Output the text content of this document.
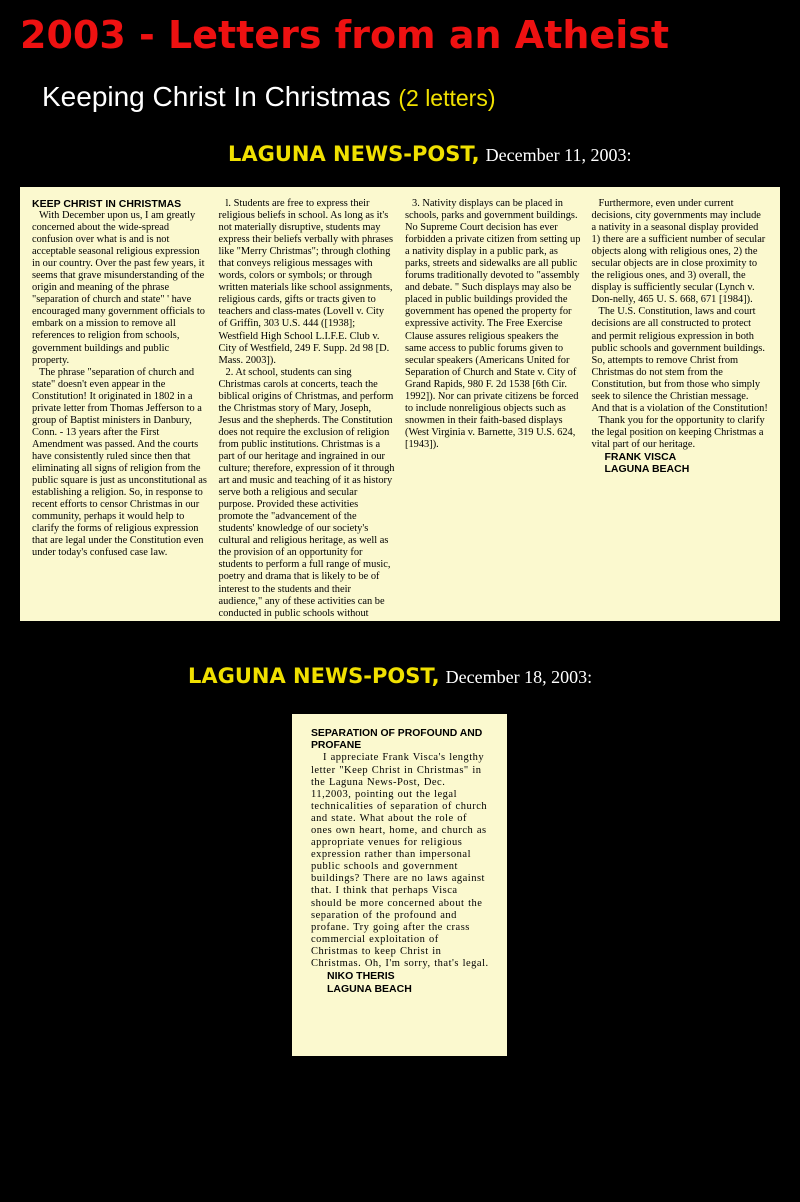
2003 - Letters from an Atheist
Keeping Christ In Christmas (2 letters)
LAGUNA NEWS-POST, December 11, 2003:
KEEP CHRIST IN CHRISTMAS

With December upon us, I am greatly concerned about the wide-spread confusion over what is and is not acceptable seasonal religious expression in our country. Over the past few years, it seems that grave misunderstanding of the origin and meaning of the phrase "separation of church and state" ' have encouraged many government officials to embark on a mission to remove all references to religion from schools, government buildings and public property.

The phrase "separation of church and state" doesn't even appear in the Constitution! It originated in 1802 in a private letter from Thomas Jefferson to a group of Baptist ministers in Danbury, Conn. - 13 years after the First Amendment was passed. And the courts have consistently ruled since then that eliminating all signs of religion from the public square is just as unconstitutional as establishing a religion. So, in response to recent efforts to censor Christmas in our community, perhaps it would help to clarify the forms of religious expression that are legal under the Constitution even under today's confused case law.

l. Students are free to express their religious beliefs in school. As long as it's not materially disruptive, students may express their beliefs verbally with phrases like "Merry Christmas"; through clothing that conveys religious messages with words, colors or symbols; or through written materials like school assignments, religious cards, gifts or tracts given to teachers and class-mates (Lovell v. City of Griffin, 303 U.S. 444 ([1938]; Westfield High School L.I.F.E. Club v. City of Westfield, 249 F. Supp. 2d 98 [D. Mass. 2003]).

2. At school, students can sing Christmas carols at concerts, teach the biblical origins of Christmas, and perform the Christmas story of Mary, Joseph, Jesus and the shepherds. The Constitution does not require the exclusion of religion from public institutions. Christmas is a part of our heritage and ingrained in our culture; therefore, expression of it through art and music and teaching of it as history serve both a religious and secular purpose. Provided these activities promote the "advancement of the students' knowledge of our society's cultural and religious heritage, as well as the provision of an opportunity for students to perform a full range of music, poetry and drama that is likely to be of interest to the students and their audience," any of these activities can be conducted in public schools without creating an Establishment Clause problem (Florey v. Sioux Fall School District, 619 F. 2d 1311 [6th Cir. 1980]; Stone v. Graham, 449 U.S. 39 [1980]).

3. Nativity displays can be placed in schools, parks and government buildings. No Supreme Court decision has ever forbidden a private citizen from setting up a nativity display in a public park, as parks, streets and sidewalks are all public forums traditionally devoted to "assembly and debate. " Such displays may also be placed in public buildings provided the government has opened the property for expressive activity. The Free Exercise Clause assures religious speakers the same access to public forums given to secular speakers (Americans United for Separation of Church and State v. City of Grand Rapids, 980 F. 2d 1538 [6th Cir. 1992]). Nor can private citizens be forced to include nonreligious objects such as snowmen in their faith-based displays (West Virginia v. Barnette, 319 U.S. 624, [1943]).

Furthermore, even under current decisions, city governments may include a nativity in a seasonal display provided 1) there are a sufficient number of secular objects along with religious ones, 2) the secular objects are in close proximity to the religious ones, and 3) overall, the display is sufficiently secular (Lynch v. Don-nelly, 465 U. S. 668, 671 [1984]).

The U.S. Constitution, laws and court decisions are all constructed to protect and permit religious expression in both public schools and government buildings. So, attempts to remove Christ from Christmas do not stem from the Constitution, but from those who simply seek to silence the Christian message. And that is a violation of the Constitution!

Thank you for the opportunity to clarify the legal position on keeping Christmas a vital part of our heritage.

FRANK VISCA
LAGUNA BEACH
LAGUNA NEWS-POST, December 18, 2003:
SEPARATION OF PROFOUND AND PROFANE

I appreciate Frank Visca's lengthy letter "Keep Christ in Christmas" in the Laguna News-Post, Dec. 11,2003, pointing out the legal technicalities of separation of church and state. What about the role of ones own heart, home, and church as appropriate venues for religious expression rather than impersonal public schools and government buildings? There are no laws against that. I think that perhaps Visca should be more concerned about the separation of the profound and profane. Try going after the crass commercial exploitation of Christmas to keep Christ in Christmas. Oh, I'm sorry, that's legal.

NIKO THERIS
LAGUNA BEACH
